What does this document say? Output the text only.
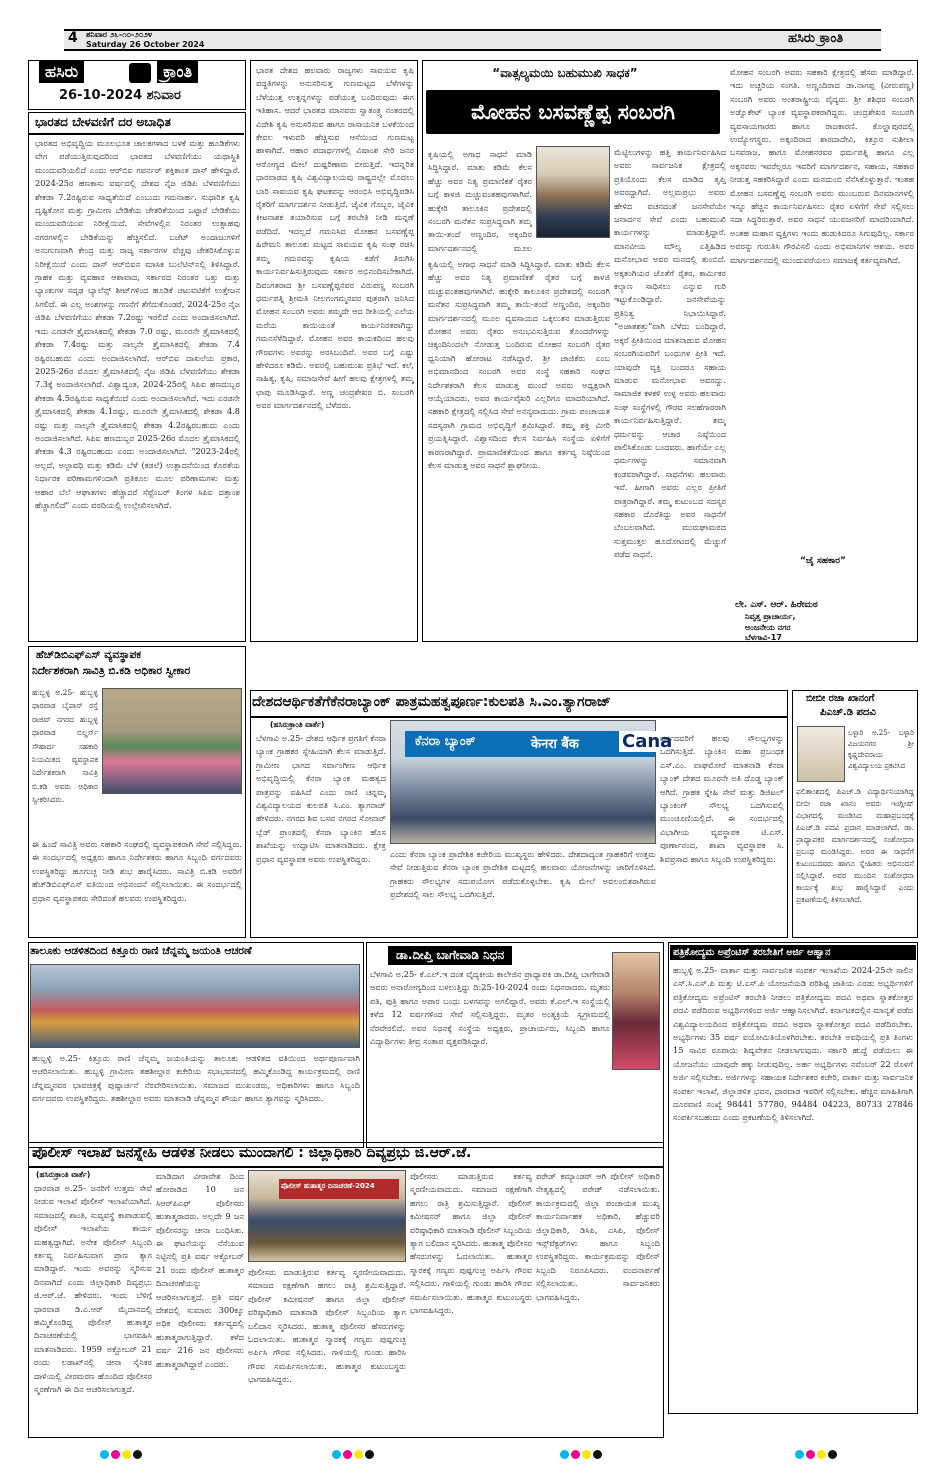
4 ಶನಿವಾರ ೨೬-೧೦-೨೦೨೪
Saturday 26 October 2024	ಹಸಿರು ಕ್ರಾಂತಿ
ಹಸಿರು	ಕ್ರಾಂತಿ
26-10-2024 ಶನಿವಾರ
ಭಾರತದ ಬೇಳವಣಿಗೆ ದರ ಅಬಾಧಿತ
ಭಾರತದ ಅಭಿವೃದ್ಧಿಯ ಮೂಲಭೂತ ಚಾಲಕಗಳಾದ ಬಳಕೆ ಮತ್ತು ಹೂಡಿಕೆಗಳು ವೇಗ ಪಡೆಯುತ್ತಿರುವುದರಿಂದ ಭಾರತದ ಬೆಳವಣಿಗೆಯು ಯಥಾಸ್ಥಿತಿ ಮುಂದುವರಿಯಲಿದೆ ಎಂದು ಆರ್‌ಬಿಐ ಗವರ್ನರ್ ಶಕ್ತಿಕಾಂತ ದಾಸ್ ಹೇಳಿದ್ದಾರೆ. 2024-25ರ ಹಣಕಾಸು ವರ್ಷದಲ್ಲಿ ದೇಶದ ನೈಜ ಜಿಡಿಪಿ ಬೆಳವಣಿಗೆಯು ಶೇಕಡಾ 7.2ರಷ್ಟಿರುವ ಸಾಧ್ಯತೆಯಿದೆ ಎಂಬುದು ಗಮನಾರ್ಹ. ಸುಧಾರಿತ ಕೃಷಿ ದೃಷ್ಟಿಕೋನ ಮತ್ತು ಗ್ರಾಮೀಣ ಬೇಡಿಕೆಯ ಚೇತರಿಕೆಯಿಂದ ಒಟ್ಟಾರೆ ಬೇಡಿಕೆಯು ಮುಂದುವರಿಯುವ ನಿರೀಕ್ಷೆಯಿದೆ. ಸೇವೆಗಳಲ್ಲಿನ ನಿರಂತರ ಉತ್ಸಾಹವು ನಗರಗಳಲ್ಲಿನ ಬೇಡಿಕೆಯನ್ನು ಹೆಚ್ಚಿಸಲಿದೆ. ಬಜೆಟ್ ಅಂದಾಜುಗಳಿಗೆ ಅನುಗುಣವಾಗಿ ಕೇಂದ್ರ ಮತ್ತು ರಾಜ್ಯ ಸರ್ಕಾರಗಳ ವೆಚ್ಚವು ಚೇತರಿಸಿಕೊಳ್ಳುವ ನಿರೀಕ್ಷೆಯಿದೆ ಎಂದು ದಾಸ್ ಆರ್‌ಬಿಐನ ಮಾಸಿಕ ಬುಲೆಟಿನ್‌ನಲ್ಲಿ ತಿಳಿಸಿದ್ದಾರೆ. ಗ್ರಾಹಕ ಮತ್ತು ವ್ಯವಹಾರ ಆಶಾವಾದ, ಸರ್ಕಾರದ ನಿರಂತರ ಒತ್ತು ಮತ್ತು ಬ್ಯಾಂಕುಗಳ ಸದೃಢ ಬ್ಯಾಲೆನ್ಸ್ ಶೀಟ್‌ಗಳಿಂದ ಹೂಡಿಕೆ ಚಟುವಟಿಕೆಗೆ ಉತ್ತೇಜನ ಸಿಗಲಿದೆ. ಈ ಎಲ್ಲ ಅಂಶಗಳನ್ನು ಗಣನೆಗೆ ತೆಗೆದುಕೊಂಡರೆ, 2024-25ರ ನೈಜ ಜಿಡಿಪಿ ಬೆಳವಣಿಗೆಯು ಶೇಕಡಾ 7.2ರಷ್ಟು ಇರಲಿದೆ ಎಂದು ಅಂದಾಜಿಸಲಾಗಿದೆ. ಇದು ಎರಡನೇ ತ್ರೈಮಾಸಿಕದಲ್ಲಿ ಶೇಕಡಾ 7.0 ರಷ್ಟು, ಮೂರನೇ ತ್ರೈಮಾಸಿಕದಲ್ಲಿ ಶೇಕಡಾ 7.4ರಷ್ಟು ಮತ್ತು ನಾಲ್ಕನೇ ತ್ರೈಮಾಸಿಕದಲ್ಲಿ ಶೇಕಡಾ 7.4 ರಷ್ಟಿರಬಹುದು ಎಂದು ಅಂದಾಜಿಸಲಾಗಿದೆ. ಆರ್‌ಬಿಐ ದಾಖಲೆಯ ಪ್ರಕಾರ, 2025-26ರ ಮೊದಲ ತ್ರೈಮಾಸಿಕದಲ್ಲಿ ನೈಜ ಜಿಡಿಪಿ ಬೆಳವಣಿಗೆಯು ಶೇಕಡಾ 7.3ಕ್ಕೆ ಅಂದಾಜಿಸಲಾಗಿದೆ. ವಿಶ್ವಾದ್ಯಂತ, 2024-25ರಲ್ಲಿ ಸಿಪಿಐ ಹಣದುಬ್ಬರ ಶೇಕಡಾ 4.5ರಷ್ಟಿರುವ ಸಾಧ್ಯತೆಯಿದೆ ಎಂದು ಅಂದಾಜಿಸಲಾಗಿದೆ. ಇದು ಎರಡನೇ ತ್ರೈಮಾಸಿಕದಲ್ಲಿ ಶೇಕಡಾ 4.1ರಷ್ಟು, ಮೂರನೇ ತ್ರೈಮಾಸಿಕದಲ್ಲಿ ಶೇಕಡಾ 4.8 ರಷ್ಟು ಮತ್ತು ನಾಲ್ಕನೇ ತ್ರೈಮಾಸಿಕದಲ್ಲಿ ಶೇಕಡಾ 4.2ರಷ್ಟಿರಬಹುದು ಎಂದು ಅಂದಾಜಿಸಲಾಗಿದೆ. ಸಿಪಿಐ ಹಣದುಬ್ಬರ 2025-26ರ ಮೊದಲ ತ್ರೈಮಾಸಿಕದಲ್ಲಿ ಶೇಕಡಾ 4.3 ರಷ್ಟಿರಬಹುದು ಎಂದು ಅಂದಾಜಿಸಲಾಗಿದೆ. "2023-24ರಲ್ಲಿ ಅಲ್ಲದೆ, ಅಲ್ಪಾವಧಿ ಮತ್ತು ಕಡಿಮೆ ಬೆಳೆ (ಕಡಲೆ) ಉತ್ಪಾದನೆಯಿಂದ ಕೊರತೆಯ ನಿರ್ಧಾರಕ ಪರಿಣಾಮಗಳಿಂದಾಗಿ ಪ್ರತಿಕೂಲ ಮೂಲ ಪರಿಣಾಮಗಳು ಮತ್ತು ಆಹಾರ ಬೆಲೆ ಆಘಾತಗಳು ಹೆಚ್ಚಾದರೆ ಸೆಪ್ಟೆಂಬರ್ ತಿಂಗಳ ಸಿಪಿಐ ದತ್ತಾಂಶ ಹೆಚ್ಚಾಗಲಿದೆ" ಎಂದು ವರದಿಯಲ್ಲಿ ಉಲ್ಲೇಖಿಸಲಾಗಿದೆ.
ಭಾರತ ದೇಶದ ಹಲವಾರು ರಾಜ್ಯಗಳು ಸಾವಯವ ಕೃಷಿ ಪದ್ಧತಿಗಳನ್ನು ಅನುಸರಿಸುತ್ತ ಗುಣಮಟ್ಟದ ಬೆಳೆಗಳನ್ನು ಬೆಳೆಯುತ್ತ ಉತ್ಪನ್ನಗಳನ್ನು ಪಡೆಯುತ್ತ ಬಂದಿರುವುದು ಈಗ ಇತಿಹಾಸ. ಆದರೆ ಭಾರತದ ಮಾನವರು ಸ್ವಾತಂತ್ರ್ಯ ನಂತರದಲ್ಲಿ ವಿದೇಶಿ ಕೃಷಿ ಅನುಸರಿಸುವ ಹಾಗೂ ರಾಸಾಯನಿಕ ಬಳಕೆಯಿಂದ ಕೇವಲ ಇಳುವರಿ ಹೆಚ್ಚಿಸುವ ಆಸೆಯಿಂದ ಗುಣಮಟ್ಟ ಹಾಳಾಗಿದೆ. ಆಹಾರ ಪದಾರ್ಥಗಳಲ್ಲಿ ವಿಷಾಂಶ ಸೇರಿ ಜನರ ಆರೋಗ್ಯದ ಮೇಲೆ ದುಷ್ಪರಿಣಾಮ ಬೀರುತ್ತಿದೆ. ಇದನ್ನರಿತ ಧಾರವಾಡದ ಕೃಷಿ ವಿಶ್ವವಿದ್ಯಾಲಯವು ರಾಷ್ಟ್ರದಲ್ಲೇ ಮೊದಲು ಬಾರಿ ಸಾವಯವ ಕೃಷಿ ಘಟಕವನ್ನು ಆರಂಭಿಸಿ ಅಭಿವೃದ್ಧಿಪಡಿಸಿ ರೈತರಿಗೆ ಮಾರ್ಗದರ್ಶನ ನೀಡುತ್ತಿದೆ. ಜೈವಿಕ ಗೊಬ್ಬರ, ಜೈವಿಕ ಕೀಟನಾಶಕ ತಯಾರಿಸುವ ಬಗ್ಗೆ ತರಬೇತಿ ನೀಡಿ ಮನ್ನಣೆ ಪಡೆದಿದೆ. ಇದಲ್ಲದೆ ಗಮನಿಸಿದ ಮೋಹನ ಬಸವಣ್ಣೆಪ್ಪ ಹಿರೇಮನಿ ತಾಲೂಕು ಮಟ್ಟದ ಸಾವಯವ ಕೃಷಿ ಸಂಘ ರಚಿಸಿ ತಮ್ಮ ಗಮನವನ್ನು ಕೃಷಿಯ ಕಡೆಗೆ ತಿರುಗಿಸಿ ಕಾರ್ಯನಿರ್ವಹಿಸುತ್ತಿರುವುದು ಸರ್ಕಾರ ಅಭಿನಂದಿಸಬೇಕಾಗಿದೆ. ದಿವಂಗತರಾದ ಶ್ರೀ ಬಸವಣ್ಣೆಪ್ಪನವರ ವಿರುಪಣ್ಣ ಸಂಬರಗಿ ಧರ್ಮಪತ್ನಿ ಶ್ರೀಮತಿ ನೀಲಗಂಗಮ್ಮನವರ ಪುತ್ರರಾಗಿ ಜನಿಸಿದ ಮೋಹನ ಸಂಬರಗಿ ಅವರು ತಮ್ಮದೇ ಆದ ರೀತಿಯಲ್ಲಿ ಎಲೆಯ ಮರೆಯ ಕಾಯಿಯಂತೆ ಕಾರ್ಯನಿರತರಾಗಿದ್ದು ಗಮನಸೆಳೆದಿದ್ದಾರೆ. ಮೋಹನ ಅವರ ಕಾಯಕದಿಂದ ಹಲವು ಗೌರವಗಳು ಅವರನ್ನು ಅರಸಿಬಂದಿವೆ. ಅವರ ಬಗ್ಗೆ ಎಷ್ಟು ಹೇಳಿದರೂ ಕಡಿಮೆ. ಅವರಲ್ಲಿ ಬಹುಮುಖ ಪ್ರತಿಭೆ ಇದೆ. ಕಲೆ, ಸಾಹಿತ್ಯ, ಕೃಷಿ, ಸಮಾಜಸೇವೆ ಹೀಗೆ ಹಲವು ಕ್ಷೇತ್ರಗಳಲ್ಲಿ ತಮ್ಮ ಛಾಪು ಮೂಡಿಸಿದ್ದಾರೆ. ಅಣ್ಣ ಚಂದ್ರಶೇಖರ ಬಿ. ಸಂಬರಗಿ ಅವರ ಮಾರ್ಗದರ್ಶನದಲ್ಲಿ ಬೆಳೆದರು.
“ವಾತ್ಸಲ್ಯಮಯಿ ಬಹುಮುಖಿ ಸಾಧಕ”
ಮೋಹನ ಬಸವಣ್ಣೆಪ್ಪ ಸಂಬರಗಿ
ಕೃಷಿಯಲ್ಲಿ ಅಗಾಧ ಸಾಧನೆ ಮಾಡಿ ಸಿದ್ಧಿಸಿದ್ದಾರೆ. ಮಾತು ಕಡಿಮೆ ಕೆಲಸ ಹೆಚ್ಚು ಅವರ ನಿತ್ಯ ಪ್ರಮಾಣಿಕತೆ ರೈತರ ಬಗ್ಗೆ ಕಾಳಜಿ ಮಚ್ಚುವಂತಹವುಗಳಾಗಿವೆ. ಹುಕ್ಕೇರಿ ತಾಲೂಕಿನ ಪ್ರದೇಶದಲ್ಲಿ ಸಂಬರಗಿ ಮನೆತನ ಸುಪ್ರಸಿದ್ಧವಾಗಿ ತಮ್ಮ ತಾಯಿ-ತಂದೆ ಅಣ್ಣಂದಿರ, ಅಕ್ಕಂದಿರ ಮಾರ್ಗದರ್ಶನದಲ್ಲಿ ಮೂಲ
ಕೃಷಿಯಲ್ಲಿ ಅಗಾಧ ಸಾಧನೆ ಮಾಡಿ ಸಿದ್ಧಿಸಿದ್ದಾರೆ. ಮಾತು ಕಡಿಮೆ ಕೆಲಸ ಹೆಚ್ಚು ಅವರ ನಿತ್ಯ ಪ್ರಮಾಣಿಕತೆ ರೈತರ ಬಗ್ಗೆ ಕಾಳಜಿ ಮಚ್ಚುವಂತಹವುಗಳಾಗಿವೆ. ಹುಕ್ಕೇರಿ ತಾಲೂಕಿನ ಪ್ರದೇಶದಲ್ಲಿ ಸಂಬರಗಿ ಮನೆತನ ಸುಪ್ರಸಿದ್ಧವಾಗಿ ತಮ್ಮ ತಾಯಿ-ತಂದೆ ಅಣ್ಣಂದಿರ, ಅಕ್ಕಂದಿರ ಮಾರ್ಗದರ್ಶನದಲ್ಲಿ ಮೂಲ ವ್ಯವಸಾಯದ ಒಕ್ಕಲುತನ ಮಾಡುತ್ತಿರುವ ಮೋಹನ ಅವರು ರೈತರು ಅನುಭವಿಸುತ್ತಿರುವ ತೊಂದರೆಗಳನ್ನು ಚಿಕ್ಕಂದಿನಿಂದಲೇ ನೋಡುತ್ತ ಬಂದಿರುವ ಮೋಹನ ಸಂಬರಗಿ ರೈತರ ಧ್ವನಿಯಾಗಿ ಹೋರಾಟ ನಡೆಸಿದ್ದಾರೆ. ಶ್ರೀ ಜಾಜಿಕೆರು ಎಂಬ ಅಭಿಮಾನದಿಂದ ಸಂಬರಗಿ ಅವರ ಸಂಸ್ಥೆ ಸಹಕಾರಿ ಸಂಘದ ನಿರ್ದೇಶಕರಾಗಿ ಕೆಲಸ ಮಾಡುತ್ತ ಮುಂದೆ ಅವರು ಅಧ್ಯಕ್ಷರಾಗಿ ಆಯ್ಕೆಯಾದರು. ಅವರ ಕಾರ್ಯವೈಖರಿ ಎಲ್ಲರಿಗೂ ಮಾದರಿಯಾಗಿದೆ. ಸಹಕಾರಿ ಕ್ಷೇತ್ರದಲ್ಲಿ ಸಲ್ಲಿಸಿದ ಸೇವೆ ಅನನ್ಯವಾದುದು. ಗ್ರಾಮ ಪಂಚಾಯತ ಸದಸ್ಯರಾಗಿ ಗ್ರಾಮದ ಅಭಿವೃದ್ಧಿಗೆ ಶ್ರಮಿಸಿದ್ದಾರೆ. ತಮ್ಮ ಶಕ್ತಿ ಮೀರಿ ಪ್ರಯತ್ನಿಸಿದ್ದಾರೆ. ವಿಶ್ವಾಸದಿಂದ ಕೆಲಸ ನಿರ್ವಹಿಸಿ ಸಂಸ್ಥೆಯ ಏಳಿಗೆಗೆ ಕಾರಣರಾಗಿದ್ದಾರೆ. ಪ್ರಾಮಾಣಿಕತೆಯಿಂದ ಹಾಗೂ ಕರ್ತವ್ಯ ನಿಷ್ಠೆಯಿಂದ ಕೆಲಸ ಮಾಡುತ್ತ ಅವರ ಸಾಧನೆ ಶ್ಲಾಘನೀಯ.
ಮೆಟ್ಟಿಲುಗಳನ್ನು ಹತ್ತಿ ಕಾರ್ಯನಿರ್ವಹಿಸಿದ ಅವರು ಸಾರ್ವಜನಿಕ ಕ್ಷೇತ್ರದಲ್ಲಿ ಪ್ರತಿಯೊಂದು ಕೆಲಸ ಮಾಡಿದ ತೃಪ್ತಿ ಅವರದ್ದಾಗಿದೆ. ಅಲ್ಲಮಪ್ರಭು ಅವರು ಹೇಳಿದ ವಚನದಂತೆ ಜನಸೇವೆಯೇ ಜನಾರ್ದನ ಸೇವೆ ಎಂದು ಬಹುಮುಖಿ ಕಾರ್ಯಗಳನ್ನು ಮಾಡುತ್ತಿದ್ದಾರೆ. ಮಾನವೀಯ ಮೌಲ್ಯ ಎತ್ತಿಹಿಡಿದ ಮನೋಭಾವ ಅವರ ಮನದಲ್ಲಿ ತುಂಬಿದೆ. ಅಕ್ಕತಂಗಿಯರ ಜೊತೆಗೆ ರೈತರ, ಕಾರ್ಮಿಕರ ಕಲ್ಯಾಣ ಸಾಧಿಸಲು ಎನ್ನುವ ಗುರಿ ಇಟ್ಟುಕೊಂಡಿದ್ದಾರೆ. ಜನಸೇವೆಯನ್ನು ಪ್ರತಿನಿತ್ಯ ನಿಭಾಯಿಸಿದ್ದಾರೆ. “ಅಜಾತಶತ್ರು”ವಾಗಿ ಬೆಳೆದು ಬಂದಿದ್ದಾರೆ. ಅಕ್ಕರೆ ಪ್ರೀತಿಯಿಂದ ಮಾತನಾಡುವ ಮೋಹನ ಸಂಬರಗಿಯವರಿಗೆ ಬಂಧುಗಳ ಪ್ರೀತಿ ಇದೆ. ಯಾವುದೇ ವ್ಯಕ್ತಿ ಬಂದರೂ ಸಹಾಯ ಮಾಡುವ ಮನೋಭಾವ ಅವರದ್ದು. ಸಾಮಾಜಿಕ ಕಳಕಳಿ ಉಳ್ಳ ಅವರು ಹಲವಾರು ಸಂಘ ಸಂಸ್ಥೆಗಳಲ್ಲಿ ಗೌರವ ಸಲಹೆಗಾರರಾಗಿ ಕಾರ್ಯನಿರ್ವಹಿಸುತ್ತಿದ್ದಾರೆ. ತಮ್ಮ ಧರ್ಮವನ್ನು ಆಚಾರ ನಿಷ್ಠೆಯಿಂದ ಪಾಲಿಸಿಕೊಂಡು ಬಂದವರು. ಹಾಗೆಯೇ ಎಲ್ಲ ಧರ್ಮಗಳನ್ನು ಸಮಾನವಾಗಿ ಕಂಡವರಾಗಿದ್ದಾರೆ. ಸಾಧನೆಗಳು ಹಲವಾರು ಇವೆ. ಹೀಗಾಗಿ ಅವರು ಎಲ್ಲರ ಪ್ರೀತಿಗೆ ಪಾತ್ರರಾಗಿದ್ದಾರೆ. ತಮ್ಮ ಕುಟುಂಬದ ಸದಸ್ಯರ ಸಹಕಾರ ದೊರೆತಿದ್ದು ಅವರ ಸಾಧನೆಗೆ ಬೆಂಬಲವಾಗಿದೆ. ಮುರುಘಾಮಠದ ಸುತ್ತಮುತ್ತಲ ಹೂದೋಟದಲ್ಲಿ ಮೆಚ್ಚುಗೆ ಪಡೆದ ಸಾಧನೆ.
ಮೋಹನ ಸಂಬರಗಿ ಅವರು ಸಹಕಾರಿ ಕ್ಷೇತ್ರದಲ್ಲಿ ಹೆಸರು ಮಾಡಿದ್ದಾರೆ. ಇದು ಅಚ್ಚರಿಯ ಸಂಗತಿ. ಅಣ್ಣಂದಿರಾದ ಡಾ.ನಾಗಪ್ಪ (ವೀರುಪಣ್ಣ) ಸಂಬರಗಿ ಅವರು ಅಂತರಾಷ್ಟ್ರೀಯ ವೈದ್ಯರು. ಶ್ರೀ ಶಶಿಧರ ಸಂಬರಗಿ ಅಡ್ವೊಕೇಟ್ ಬ್ಯಾಂಕ ವ್ಯವಸ್ಥಾಪಕರಾಗಿದ್ದರು. ಚಂದ್ರಶೇಖರ ಸಂಬರಗಿ ವ್ಯವಸಾಯಗಾರರು ಹಾಗೂ ರಾಜಕಾರಣಿ. ಕೊಲ್ಹಾಪುರದಲ್ಲಿ ಉದ್ಯೋಗಸ್ಥರು. ಅಕ್ಕಂದಿರಾದ ಶಾರದಾದೇವಿ, ಕಿತ್ತೂರ ಸುಶೀಲಾ ಬಸವರಾಜ, ಹಾಗೂ ಮೋಹನರವರ ಧರ್ಮಪತ್ನಿ ಹಾಗೂ ಎಲ್ಲ ಅಕ್ಕನವರು ಇವರೆಲ್ಲರೂ ಇವರಿಗೆ ಮಾರ್ಗದರ್ಶನ, ಸಹಾಯ, ಸಹಕಾರ ನೀಡುತ್ತ ಸಹಕರಿಸಿದ್ದಾರೆ ಎಂದು ಮನದುಂಬಿ ನೆನೆಸಿಕೊಳ್ಳುತ್ತಾರೆ. ಇಂತಹ ಮೋಹನ ಬಸವಣ್ಣೆಪ್ಪ ಸಂಬರಗಿ ಅವರು ಮುಂಬರುವ ದಿನಮಾನಗಳಲ್ಲಿ ಇನ್ನೂ ಹೆಚ್ಚಿನ ಕಾರ್ಯನಿರ್ವಹಿಸಲು ರೈತರ ಏಳಿಗೆಗೆ ಸೇವೆ ಸಲ್ಲಿಸಲು ಸದಾ ಸಿದ್ಧರಿರುತ್ತಾರೆ. ಅವರ ಸಾಧನೆ ಯುವಜನರಿಗೆ ಮಾದರಿಯಾಗಿದೆ. ಅಂತಹ ಮಹಾನ ವ್ಯಕ್ತಿಗಳು ಇಂದು ಹುಡುಕಿದರೂ ಸಿಗುವುದಿಲ್ಲ. ಸರ್ಕಾರ ಅವರನ್ನು ಗುರುತಿಸಿ ಗೌರವಿಸಲಿ ಎಂದು ಅಭಿಮಾನಿಗಳ ಆಶಯ. ಅವರ ಮಾರ್ಗದರ್ಶನದಲ್ಲಿ ಮುಂದುವರೆಯಲು ಸಮಾಜಕ್ಕೆ ಕರ್ತವ್ಯವಾಗಿದೆ.
“ಜೈ ಸಹಕಾರ”
ಲೇ. ಎಸ್. ಆರ್. ಹಿರೇಮಠ
ನಿವೃತ್ತ ಪ್ರಾಚಾರ್ಯ,
ಅಂಜನೇಯ ನಗರ
ಬೆಳಗಾವಿ-17
ಹೆಚ್‌ಡಿಬಿಎಫ್‌ಎಸ್ ವ್ಯವಸ್ಥಾಪಕ
ನಿರ್ದೇಶಕರಾಗಿ ಸಾವಿತ್ರಿ ಬಿ.ಕಡಿ ಅಧಿಕಾರ ಸ್ವೀಕಾರ
ಹುಬ್ಬಳ್ಳಿ ಅ.25- ಹುಬ್ಬಳ್ಳಿ ಧಾರವಾಡ ಬೈಪಾಸ್ ರಸ್ತೆ ರಾಜಿವ್ ನಗರದ ಹುಬ್ಬಳ್ಳಿ ಧಾರವಾಡ ಬಿಲ್ಡರ್ಸ್ ಸೌಹಾರ್ದ ಸಹಕಾರಿ ನಿಯಮಿತದ ವ್ಯವಸ್ಥಾಪಕ ನಿರ್ದೇಶಕರಾಗಿ ಸಾವಿತ್ರಿ ಬಿ.ಕಡಿ ಅವರು ಅಧಿಕಾರ ಸ್ವೀಕರಿಸಿದರು.
ಈ ಹಿಂದೆ ಸಾವಿತ್ರಿ ಅವರು ಸಹಕಾರಿ ಸಂಘದಲ್ಲಿ ವ್ಯವಸ್ಥಾಪಕರಾಗಿ ಸೇವೆ ಸಲ್ಲಿಸಿದ್ದರು. ಈ ಸಂದರ್ಭದಲ್ಲಿ ಅಧ್ಯಕ್ಷರು ಹಾಗೂ ನಿರ್ದೇಶಕರು ಹಾಗೂ ಸಿಬ್ಬಂದಿ ವರ್ಗದವರು ಉಪಸ್ಥಿತರಿದ್ದು ಹೂಗುಚ್ಛ ನೀಡಿ ಶುಭ ಹಾರೈಸಿದರು. ಸಾವಿತ್ರಿ ಬಿ.ಕಡಿ ಅವರಿಗೆ ಹೆಚ್‌ಡಿಬಿಎಫ್‌ಎಸ್ ವತಿಯಿಂದ ಅಭಿನಂದನೆ ಸಲ್ಲಿಸಲಾಯಿತು. ಈ ಸಂದರ್ಭದಲ್ಲಿ ಪ್ರಧಾನ ವ್ಯವಸ್ಥಾಪಕರು ಸೇರಿದಂತೆ ಹಲವರು ಉಪಸ್ಥಿತರಿದ್ದರು.
ದೇಶದಆರ್ಥಿಕತೆಗೆಕೆನರಾಬ್ಯಾಂಕ್ ಪಾತ್ರಮಹತ್ವಪೂರ್ಣ:ಕುಲಪತಿ ಸಿ.ಎಂ.ತ್ಯಾಗರಾಜ್
(ಹಸಿರುಕ್ರಾಂತಿ ವಾರ್ತೆ)
ಬೆಳಗಾವಿ ಅ.25- ದೇಶದ ಆರ್ಥಿಕ ಪ್ರಗತಿಗೆ ಕೆನರಾ ಬ್ಯಾಂಕ ಗ್ರಾಹಕರ ಸ್ನೇಹಿಯಾಗಿ ಕೆಲಸ ಮಾಡುತ್ತಿದೆ. ಗ್ರಾಮೀಣ ಭಾಗದ ಸರ್ವಾಂಗೀಣ ಆರ್ಥಿಕ ಅಭಿವೃದ್ಧಿಯಲ್ಲಿ ಕೆನರಾ ಬ್ಯಾಂಕ ಮಹತ್ವದ ಪಾತ್ರವನ್ನು ವಹಿಸಿದೆ ಎಂದು ರಾಣಿ ಚನ್ನಮ್ಮ ವಿಶ್ವವಿದ್ಯಾಲಯದ ಕುಲಪತಿ ಸಿ.ಎಂ. ತ್ಯಾಗರಾಜ್ ಹೇಳಿದರು. ನಗರದ ಶಿವ ಬಸವ ನಗರದ ಸೋನಾರ್ ಬ್ಲೆಡ್‌ ಪ್ರಾಂತದಲ್ಲಿ ಕೆನರಾ ಬ್ಯಾಂಕಿನ ಹೊಸ ಶಾಖೆಯನ್ನು ಉದ್ಘಾಟಿಸಿ ಮಾತನಾಡಿದರು. ಕ್ಷೇತ್ರ ಪ್ರಧಾನ ವ್ಯವಸ್ಥಾಪಕ ಅವರು ಉಪಸ್ಥಿತರಿದ್ದರು.
ಕೆನರಾ ಬ್ಯಾಂಕ್	केनरा बैंक Cana
ಎಂದು ಕೆನರಾ ಬ್ಯಾಂಕ ಪ್ರಾದೇಶಿಕ ಕಚೇರಿಯ ಮುಖ್ಯಸ್ಥರು ಹೇಳಿದರು. ದೇಶದಾದ್ಯಂತ ಗ್ರಾಹಕರಿಗೆ ಉತ್ತಮ ಸೇವೆ ನೀಡುತ್ತಿರುವ ಕೆನರಾ ಬ್ಯಾಂಕ ಪ್ರಾದೇಶಿಕ ಮಟ್ಟದಲ್ಲಿ ಹಲವಾರು ಯೋಜನೆಗಳನ್ನು ಜಾರಿಗೊಳಿಸಿದೆ. ಗ್ರಾಹಕರು ಸೌಲಭ್ಯಗಳ ಸದುಪಯೋಗ ಪಡೆದುಕೊಳ್ಳಬೇಕು. ಕೃಷಿ ಮೇಲೆ ಅವಲಂಬಿತರಾಗಿರುವ ಪ್ರದೇಶದಲ್ಲಿ ಸಾಲ ಸೌಲಭ್ಯ ಒದಗಿಸುತ್ತಿದೆ.
ವರ್ಗದವರಿಗೆ ಹಲವು ಸೌಲಭ್ಯಗಳನ್ನು ಒದಗಿಸುತ್ತಿದೆ. ಬ್ಯಾಂಕಿನ ಮಹಾ ಪ್ರಬಂಧಕ ಎಸ್.ಎಂ. ವಾಘಮೋರೆ ಮಾತನಾಡಿ ಕೆನರಾ ಬ್ಯಾಂಕ್ ದೇಶದ ಮೂರನೇ ಅತಿ ದೊಡ್ಡ ಬ್ಯಾಂಕ್ ಆಗಿದೆ. ಗ್ರಾಹಕ ಸ್ನೇಹಿ ಸೇವೆ ಮತ್ತು ಡಿಜಿಟಲ್ ಬ್ಯಾಂಕಿಂಗ್ ಸೌಲಭ್ಯ ಒದಗಿಸುವಲ್ಲಿ ಮುಂಚೂಣಿಯಲ್ಲಿದೆ. ಈ ಸಂದರ್ಭದಲ್ಲಿ ವಿಭಾಗೀಯ ವ್ಯವಸ್ಥಾಪಕ ಟಿ.ಎಸ್. ಪೂರ್ಣಾನಂದ, ಶಾಖಾ ವ್ಯವಸ್ಥಾಪಕ ಸಿ. ಶಿವಪ್ರಸಾದ ಹಾಗೂ ಸಿಬ್ಬಂದಿ ಉಪಸ್ಥಿತರಿದ್ದರು.
ಬೀಬೀ ರಜಾ ಖಾನಂಗೆ
ಪಿಎಚ್.ಡಿ ಪದವಿ
ಬಳ್ಳಾರಿ ಅ.25- ಬಳ್ಳಾರಿ ವಿಜಯನಗರ ಶ್ರೀ ಕೃಷ್ಣದೇವರಾಯ ವಿಶ್ವವಿದ್ಯಾಲಯ ಪ್ರಕಟಿಸಿದ
ಫಲಿತಾಂಶದಲ್ಲಿ ಪಿಎಚ್.ಡಿ ವಿದ್ಯಾರ್ಥಿನಿಯಾಗಿದ್ದ ಬೀಬೀ ರಜಾ ಖಾನಂ ಅವರು ಇಂಗ್ಲೀಷ್ ವಿಭಾಗದಲ್ಲಿ ಮಂಡಿಸಿದ ಮಹಾಪ್ರಬಂಧಕ್ಕೆ ಪಿಎಚ್.ಡಿ ಪದವಿ ಪ್ರದಾನ ಮಾಡಲಾಗಿದೆ. ಡಾ. ಪ್ರಾಧ್ಯಾಪಕರ ಮಾರ್ಗದರ್ಶನದಲ್ಲಿ ಸಂಶೋಧನಾ ಪ್ರಬಂಧ ಮಂಡಿಸಿದ್ದರು. ಅವರ ಈ ಸಾಧನೆಗೆ ಕುಟುಂಬದವರು ಹಾಗೂ ಸ್ನೇಹಿತರು ಅಭಿನಂದನೆ ಸಲ್ಲಿಸಿದ್ದಾರೆ. ಅವರ ಮುಂದಿನ ಸಂಶೋಧನಾ ಕಾರ್ಯಕ್ಕೆ ಶುಭ ಹಾರೈಸಿದ್ದಾರೆ ಎಂದು ಪ್ರಕಟಣೆಯಲ್ಲಿ ತಿಳಿಸಲಾಗಿದೆ.
ತಾಲೂಕು ಆಡಳಿತದಿಂದ ಕಿತ್ತೂರು ರಾಣಿ ಚೆನ್ನಮ್ಮ ಜಯಂತಿ ಆಚರಣೆ
ಹುಬ್ಬಳ್ಳಿ ಅ.25- ಕಿತ್ತೂರು ರಾಣಿ ಚೆನ್ನಮ್ಮ ಜಯಂತಿಯನ್ನು ತಾಲೂಕು ಆಡಳಿತದ ವತಿಯಿಂದ ಅರ್ಥಪೂರ್ಣವಾಗಿ ಆಚರಿಸಲಾಯಿತು. ಹುಬ್ಬಳ್ಳಿ ಗ್ರಾಮೀಣ ತಹಶೀಲ್ದಾರ ಕಚೇರಿಯ ಸಭಾಭವನದಲ್ಲಿ ಹಮ್ಮಿಕೊಂಡಿದ್ದ ಕಾರ್ಯಕ್ರಮದಲ್ಲಿ ರಾಣಿ ಚೆನ್ನಮ್ಮನವರ ಭಾವಚಿತ್ರಕ್ಕೆ ಪುಷ್ಪಾರ್ಚನೆ ನೆರವೇರಿಸಲಾಯಿತು. ಸಮಾಜದ ಮುಖಂಡರು, ಅಧಿಕಾರಿಗಳು ಹಾಗೂ ಸಿಬ್ಬಂದಿ ವರ್ಗದವರು ಉಪಸ್ಥಿತರಿದ್ದರು. ತಹಶೀಲ್ದಾರ ಅವರು ಮಾತನಾಡಿ ಚೆನ್ನಮ್ಮನ ಶೌರ್ಯ ಹಾಗೂ ತ್ಯಾಗವನ್ನು ಸ್ಮರಿಸಿದರು.
ಡಾ.ದೀಪ್ತಿ ಬಾಗೇವಾಡಿ ನಿಧನ
ಬೆಳಗಾವಿ ಅ.25- ಕೆ.ಎಲ್.ಇ ದಂತ ವೈದ್ಯಕೀಯ ಕಾಲೇಜಿನ ಪ್ರಾಧ್ಯಾಪಕಿ ಡಾ.ದೀಪ್ತಿ ಬಾಗೇವಾಡಿ ಅವರು ಅನಾರೋಗ್ಯದಿಂದ ಬಳಲುತ್ತಿದ್ದು ದಿ:25-10-2024 ರಂದು ನಿಧನರಾದರು. ಮೃತರು ಪತಿ, ಪುತ್ರಿ ಹಾಗೂ ಅಪಾರ ಬಂಧು ಬಳಗವನ್ನು ಅಗಲಿದ್ದಾರೆ. ಅವರು ಕೆ.ಎಲ್.ಇ ಸಂಸ್ಥೆಯಲ್ಲಿ ಕಳೆದ 12 ವರ್ಷಗಳಿಂದ ಸೇವೆ ಸಲ್ಲಿಸುತ್ತಿದ್ದರು. ಮೃತರ ಅಂತ್ಯಕ್ರಿಯೆ ಸ್ವಗ್ರಾಮದಲ್ಲಿ ನೆರವೇರಲಿದೆ. ಅವರ ನಿಧನಕ್ಕೆ ಸಂಸ್ಥೆಯ ಅಧ್ಯಕ್ಷರು, ಪ್ರಾಚಾರ್ಯರು, ಸಿಬ್ಬಂದಿ ಹಾಗೂ ವಿದ್ಯಾರ್ಥಿಗಳು ತೀವ್ರ ಸಂತಾಪ ವ್ಯಕ್ತಪಡಿಸಿದ್ದಾರೆ.
ಪತ್ರಿಕೋದ್ಯಮ ಅಪ್ರೆಂಟಿಸ್ ತರಬೇತಿಗೆ ಅರ್ಜಿ ಆಹ್ವಾನ
ಹುಬ್ಬಳ್ಳಿ ಅ.25- ವಾರ್ತಾ ಮತ್ತು ಸಾರ್ವಜನಿಕ ಸಂಪರ್ಕ ಇಲಾಖೆಯ 2024-25ನೇ ಸಾಲಿನ ಎಸ್.ಸಿ.ಎಸ್.ಪಿ ಮತ್ತು ಟಿ.ಎಸ್.ಪಿ ಯೋಜನೆಯಡಿ ಪರಿಶಿಷ್ಟ ಜಾತಿಯ ಎರಡು ಅಭ್ಯರ್ಥಿಗಳಿಗೆ ಪತ್ರಿಕೋದ್ಯಮ ಅಪ್ರೆಂಟಿಸ್ ತರಬೇತಿ ನೀಡಲು ಪತ್ರಿಕೋದ್ಯಮ ಪದವಿ ಅಥವಾ ಸ್ನಾತಕೋತ್ತರ ಪದವಿ ಪಡೆದಿರುವ ಅಭ್ಯರ್ಥಿಗಳಿಂದ ಅರ್ಜಿ ಆಹ್ವಾನಿಸಲಾಗಿದೆ. ಕರ್ನಾಟಕದಲ್ಲಿನ ಮಾನ್ಯತೆ ಪಡೆದ ವಿಶ್ವವಿದ್ಯಾಲಯದಿಂದ ಪತ್ರಿಕೋದ್ಯಮ ಪದವಿ ಅಥವಾ ಸ್ನಾತಕೋತ್ತರ ಪದವಿ ಪಡೆದಿರಬೇಕು. ಅಭ್ಯರ್ಥಿಗಳು 35 ವರ್ಷ ವಯೋಮಿತಿಯೊಳಗಿರಬೇಕು. ತರಬೇತಿ ಅವಧಿಯಲ್ಲಿ ಪ್ರತಿ ತಿಂಗಳು 15 ಸಾವಿರ ರೂಪಾಯಿ ಶಿಷ್ಯವೇತನ ನೀಡಲಾಗುವುದು. ಸರ್ಕಾರಿ ಹುದ್ದೆ ಪಡೆಯಲು ಈ ಯೋಜನೆಯು ಯಾವುದೇ ಹಕ್ಕು ನೀಡುವುದಿಲ್ಲ. ಅರ್ಹ ಅಭ್ಯರ್ಥಿಗಳು ನವೆಂಬರ್ 22 ರೊಳಗೆ ಅರ್ಜಿ ಸಲ್ಲಿಸಬೇಕು. ಅರ್ಜಿಗಳನ್ನು ಸಹಾಯಕ ನಿರ್ದೇಶಕರ ಕಚೇರಿ, ವಾರ್ತಾ ಮತ್ತು ಸಾರ್ವಜನಿಕ ಸಂಪರ್ಕ ಇಲಾಖೆ, ಜಿಲ್ಲಾಡಳಿತ ಭವನ, ಧಾರವಾಡ ಇವರಿಗೆ ಸಲ್ಲಿಸಬೇಕು. ಹೆಚ್ಚಿನ ಮಾಹಿತಿಗಾಗಿ ದೂರವಾಣಿ ಸಂಖ್ಯೆ 98441 57780, 94484 04223, 80733 27846 ಸಂಪರ್ಕಿಸಬಹುದು ಎಂದು ಪ್ರಕಟಣೆಯಲ್ಲಿ ತಿಳಿಸಲಾಗಿದೆ.
ಪೊಲೀಸ್ ಇಲಾಖೆ ಜನಸ್ನೇಹಿ ಆಡಳಿತ ನೀಡಲು ಮುಂದಾಗಲಿ : ಜಿಲ್ಲಾಧಿಕಾರಿ ದಿವ್ಯಪ್ರಭು ಜಿ.ಆರ್.ಜೆ.
(ಹಸಿರುಕ್ರಾಂತಿ ವಾರ್ತೆ)
ಧಾರವಾಡ ಅ.25- ಜನರಿಗೆ ಉತ್ತಮ ಸೇವೆ ನೀಡುವ ಇಲಾಖೆ ಪೊಲೀಸ್ ಇಲಾಖೆಯಾಗಿದೆ. ಸಮಾಜದಲ್ಲಿ ಶಾಂತಿ, ಸುವ್ಯವಸ್ಥೆ ಕಾಪಾಡುವಲ್ಲಿ ಪೊಲೀಸ್ ಇಲಾಖೆಯ ಕಾರ್ಯ ಮಹತ್ವದ್ದಾಗಿದೆ. ಅನೇಕ ಪೊಲೀಸ್ ಸಿಬ್ಬಂದಿ ಕರ್ತವ್ಯ ನಿರ್ವಹಿಸುವಾಗ ಪ್ರಾಣ ತ್ಯಾಗ ಮಾಡಿದ್ದಾರೆ. ಇಂದು ಅವರನ್ನು ಸ್ಮರಿಸುವ ದಿನವಾಗಿದೆ ಎಂದು ಜಿಲ್ಲಾಧಿಕಾರಿ ದಿವ್ಯಪ್ರಭು ಜಿ.ಆರ್.ಜೆ. ಹೇಳಿದರು. ಇಂದು ಬೆಳಿಗ್ಗೆ ಧಾರವಾಡ ಡಿ.ಎ.ಆರ್ ಮೈದಾನದಲ್ಲಿ ಹಮ್ಮಿಕೊಂಡಿದ್ದ ಪೊಲೀಸ್ ಹುತಾತ್ಮರ ದಿನಾಚರಣೆಯಲ್ಲಿ ಭಾಗವಹಿಸಿ ಮಾತನಾಡಿದರು. 1959 ಅಕ್ಟೋಬರ್ 21 ರಂದು ಲಡಾಖ್‌ನಲ್ಲಿ ಚೀನಾ ಸೈನಿಕರ ದಾಳಿಯಲ್ಲಿ ವೀರಮರಣ ಹೊಂದಿದ ಪೊಲೀಸರ ಸ್ಮರಣೆಗಾಗಿ ಈ ದಿನ ಆಚರಿಸಲಾಗುತ್ತದೆ.
ಮಾಡಿದಾಗ ವೀರಾವೇಶ ದಿಂದ ಹೋರಾಡಿದ 10 ಜನ ಸಿಆರ್‌ಪಿಎಫ್ ಪೊಲೀಸರು ಹುತಾತ್ಮರಾದರು. ಅಲ್ಲದೇ 9 ಜನ ಪೊಲೀಸರನ್ನು ಚೀನಾ ಬಂಧಿಸಿತು. ಈ ಘಟನೆಯನ್ನು ನೆನೆಯುವ ನಿಟ್ಟಿನಲ್ಲಿ ಪ್ರತಿ ವರ್ಷ ಅಕ್ಟೋಬರ್ 21 ರಂದು ಪೊಲೀಸ್ ಹುತಾತ್ಮರ ದಿನಾಚರಣೆಯನ್ನು ಆಚರಿಸಲಾಗುತ್ತದೆ. ಪ್ರತಿ ವರ್ಷ ದೇಶದಲ್ಲಿ ಸುಮಾರು 300ಕ್ಕೂ ಅಧಿಕ ಪೊಲೀಸರು ಕರ್ತವ್ಯದಲ್ಲಿ ಹುತಾತ್ಮರಾಗುತ್ತಿದ್ದಾರೆ. ಕಳೆದ ವರ್ಷ 216 ಜನ ಪೊಲೀಸರು ಹುತಾತ್ಮರಾಗಿದ್ದಾರೆ ಎಂದರು.
ಪೊಲೀಸ್ ಹುತಾತ್ಮರ ದಿನಾಚರಣೆ-2024
ಪೊಲೀಸರು ಮಾಡುತ್ತಿರುವ ಕರ್ತವ್ಯ ಸ್ಮರಣೀಯವಾದುದು. ಸಮಾಜದ ರಕ್ಷಣೆಗಾಗಿ ಹಗಲು ರಾತ್ರಿ ಶ್ರಮಿಸುತ್ತಿದ್ದಾರೆ. ಪೊಲೀಸ್ ಕಮೀಷನರ್ ಹಾಗೂ ಜಿಲ್ಲಾ ಪೊಲೀಸ್ ವರಿಷ್ಠಾಧಿಕಾರಿ ಮಾತನಾಡಿ ಪೊಲೀಸ್ ಸಿಬ್ಬಂದಿಯ ತ್ಯಾಗ ಬಲಿದಾನ ಸ್ಮರಿಸಿದರು. ಹುತಾತ್ಮ ಪೊಲೀಸರ ಹೆಸರುಗಳನ್ನು ಓದಲಾಯಿತು. ಹುತಾತ್ಮರ ಸ್ಮಾರಕಕ್ಕೆ ಗಣ್ಯರು ಪುಷ್ಪಗುಚ್ಛ ಅರ್ಪಿಸಿ ಗೌರವ ಸಲ್ಲಿಸಿದರು. ಗಾಳಿಯಲ್ಲಿ ಗುಂಡು ಹಾರಿಸಿ ಗೌರವ ಸಮರ್ಪಿಸಲಾಯಿತು. ಹುತಾತ್ಮರ ಕುಟುಂಬಸ್ಥರು ಭಾಗವಹಿಸಿದ್ದರು.
ಪೊಲೀಸರು ಮಾಡುತ್ತಿರುವ ಕರ್ತವ್ಯ ಸ್ಮರಣೀಯವಾದುದು. ಸಮಾಜದ ರಕ್ಷಣೆಗಾಗಿ ಹಗಲು ರಾತ್ರಿ ಶ್ರಮಿಸುತ್ತಿದ್ದಾರೆ. ಪೊಲೀಸ್ ಕಮೀಷನರ್ ಹಾಗೂ ಜಿಲ್ಲಾ ಪೊಲೀಸ್ ವರಿಷ್ಠಾಧಿಕಾರಿ ಮಾತನಾಡಿ ಪೊಲೀಸ್ ಸಿಬ್ಬಂದಿಯ ತ್ಯಾಗ ಬಲಿದಾನ ಸ್ಮರಿಸಿದರು. ಹುತಾತ್ಮ ಪೊಲೀಸರ ಹೆಸರುಗಳನ್ನು ಓದಲಾಯಿತು. ಹುತಾತ್ಮರ ಸ್ಮಾರಕಕ್ಕೆ ಗಣ್ಯರು ಪುಷ್ಪಗುಚ್ಛ ಅರ್ಪಿಸಿ ಗೌರವ ಸಲ್ಲಿಸಿದರು. ಗಾಳಿಯಲ್ಲಿ ಗುಂಡು ಹಾರಿಸಿ ಗೌರವ ಸಮರ್ಪಿಸಲಾಯಿತು. ಹುತಾತ್ಮರ ಕುಟುಂಬಸ್ಥರು ಭಾಗವಹಿಸಿದ್ದರು.
ಪರೇಡ್ ಕಮ್ಯಾಂಡರ್ ಆಗಿ ಪೊಲೀಸ್ ಅಧಿಕಾರಿ ನೇತೃತ್ವದಲ್ಲಿ ಪರೇಡ್ ನಡೆಸಲಾಯಿತು. ಕಾರ್ಯಕ್ರಮದಲ್ಲಿ ಜಿಲ್ಲಾ ಪಂಚಾಯತ ಮುಖ್ಯ ಕಾರ್ಯನಿರ್ವಾಹಕ ಅಧಿಕಾರಿ, ಹೆಚ್ಚುವರಿ ಜಿಲ್ಲಾಧಿಕಾರಿ, ಡಿಸಿಪಿ, ಎಸಿಪಿ, ಪೊಲೀಸ್ ಇನ್ಸ್‌ಪೆಕ್ಟರ್‌ಗಳು ಹಾಗೂ ಸಿಬ್ಬಂದಿ ಉಪಸ್ಥಿತರಿದ್ದರು. ಕಾರ್ಯಕ್ರಮವನ್ನು ಪೊಲೀಸ್ ಸಿಬ್ಬಂದಿ ನಿರೂಪಿಸಿದರು. ವಂದನಾರ್ಪಣೆ ಸಲ್ಲಿಸಲಾಯಿತು. ಸಾರ್ವಜನಿಕರು ಭಾಗವಹಿಸಿದ್ದರು.
